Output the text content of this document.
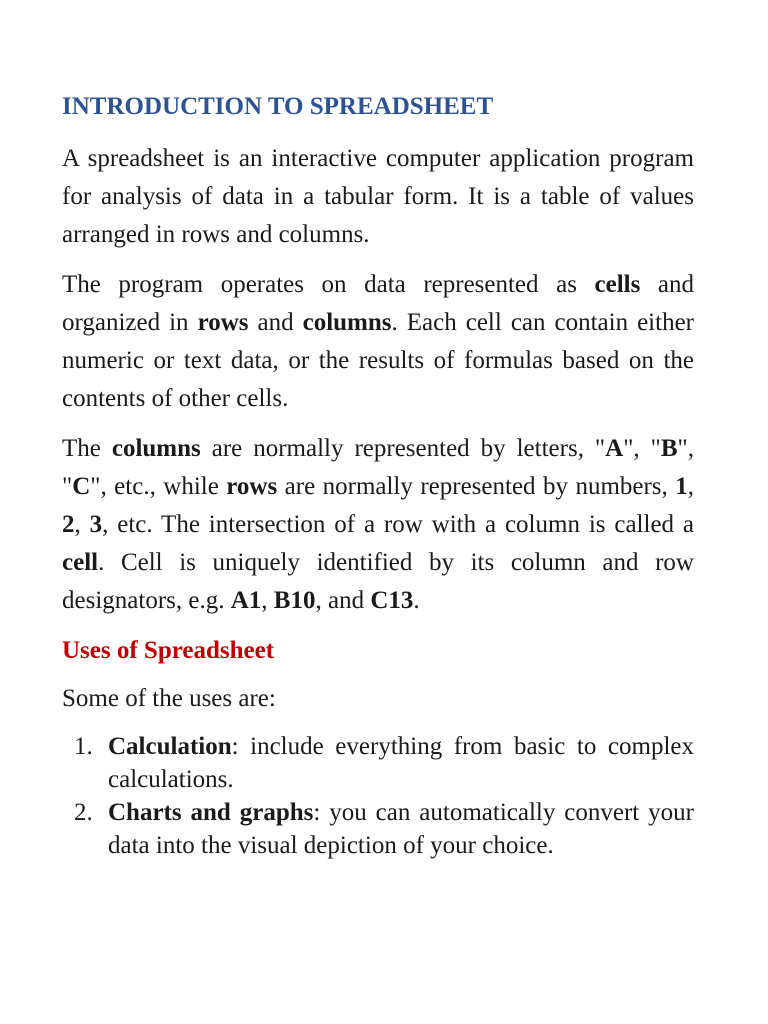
INTRODUCTION TO SPREADSHEET

A spreadsheet is an interactive computer application program for analysis of data in a tabular form. It is a table of values arranged in rows and columns.

The program operates on data represented as cells and organized in rows and columns. Each cell can contain either numeric or text data, or the results of formulas based on the contents of other cells.

The columns are normally represented by letters, "A", "B", "C", etc., while rows are normally represented by numbers, 1, 2, 3, etc. The intersection of a row with a column is called a cell. Cell is uniquely identified by its column and row designators, e.g. A1, B10, and C13.

Uses of Spreadsheet

Some of the uses are:

1. Calculation: include everything from basic to complex calculations.
2. Charts and graphs: you can automatically convert your data into the visual depiction of your choice.
